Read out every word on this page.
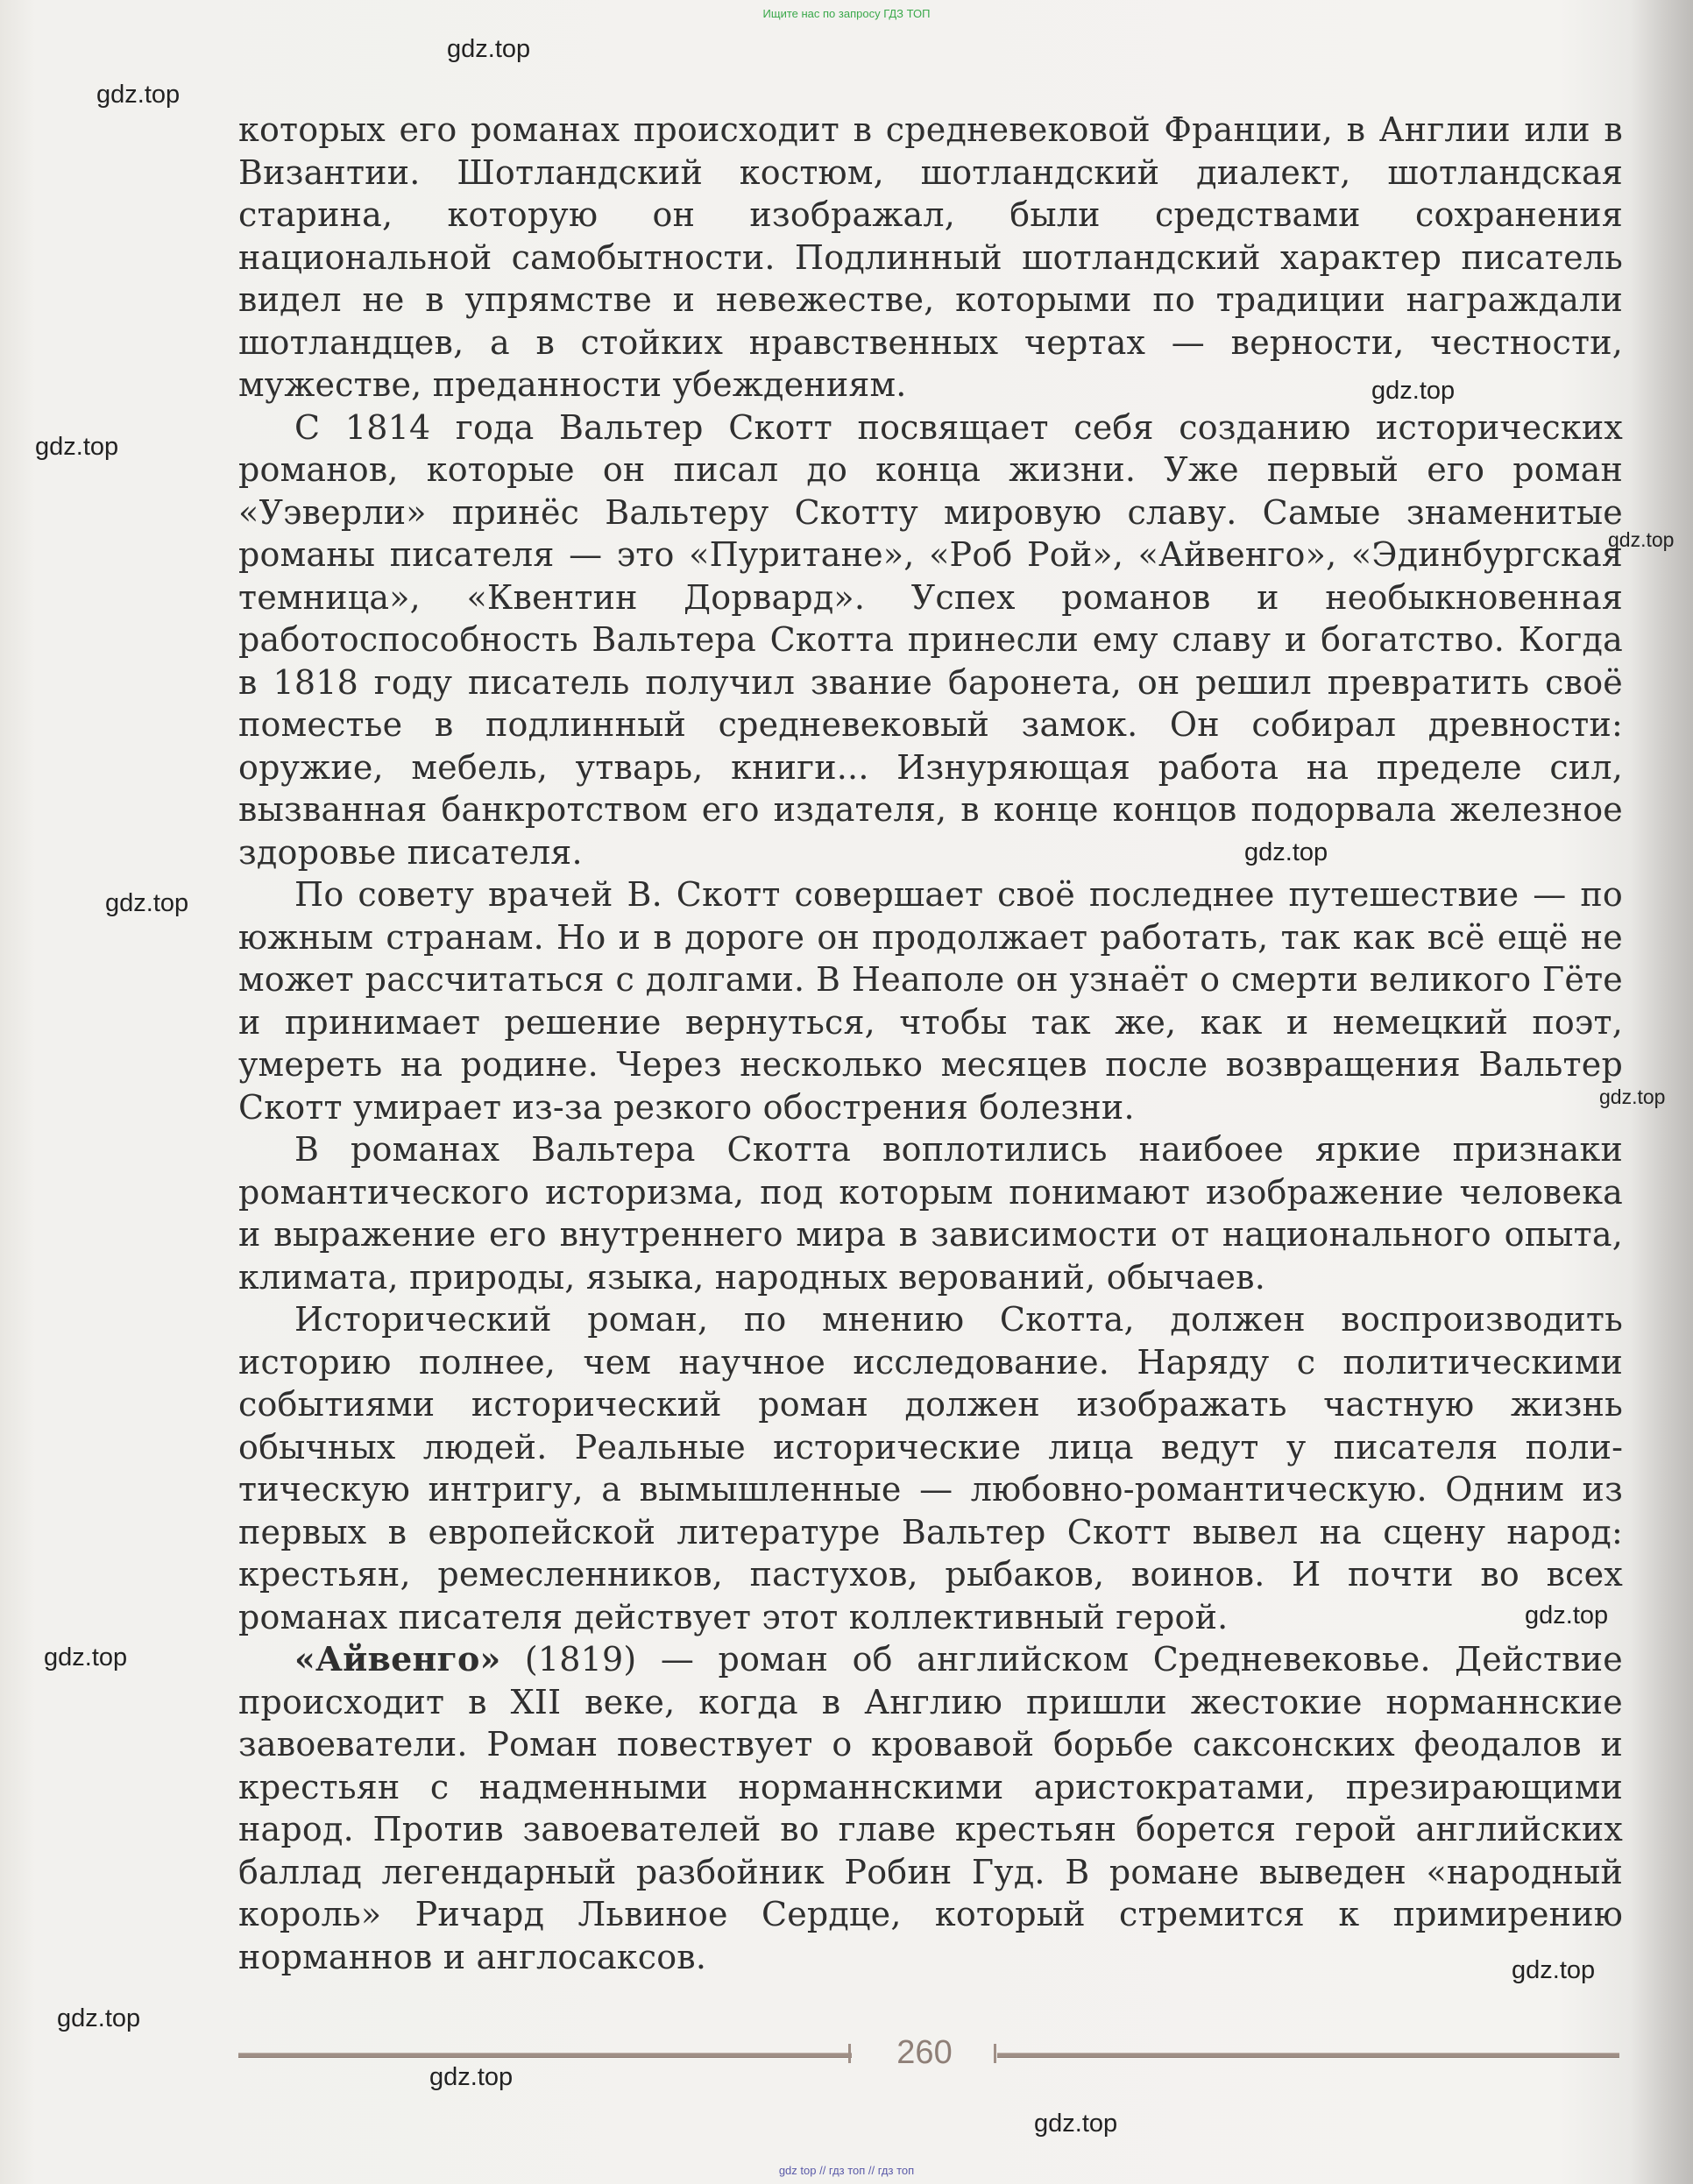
Ищите нас по запросу ГДЗ ТОП

которых его романах происходит в средневековой Франции, в Англии или в Византии. Шотландский костюм, шотландский диалект, шотландская старина, которую он изображал, были средствами сохранения национальной самобытности. Подлинный шотландский характер писатель видел не в упрямстве и невежестве, которыми по традиции награждали шотландцев, а в стойких нравственных чертах — верности, честности, мужестве, преданности убеждениям.

С 1814 года Вальтер Скотт посвящает себя созданию исторических романов, которые он писал до конца жизни. Уже первый его роман «Уэверли» принёс Вальтеру Скотту мировую славу. Самые знаменитые романы писателя — это «Пуритане», «Роб Рой», «Айвенго», «Эдинбургская темница», «Квентин Дорвард». Успех романов и необыкновенная работоспособность Вальтера Скотта принесли ему славу и богатство. Когда в 1818 году писатель получил звание баронета, он решил превратить своё поместье в подлинный средневековый замок. Он собирал древности: оружие, мебель, утварь, книги... Изнуряющая работа на пределе сил, вызванная банкротством его издателя, в конце концов подорвала железное здоровье писателя.

По совету врачей В. Скотт совершает своё последнее путешествие — по южным странам. Но и в дороге он продолжает работать, так как всё ещё не может рассчитаться с долгами. В Неаполе он узнаёт о смерти великого Гёте и принимает решение вернуться, чтобы так же, как и немецкий поэт, умереть на родине. Через несколько месяцев после возвращения Вальтер Скотт умирает из-за резкого обострения болезни.

В романах Вальтера Скотта воплотились наибоее яркие признаки романтического историзма, под которым понимают изображение человека и выражение его внутреннего мира в зависимости от национального опыта, климата, природы, языка, народных верований, обычаев.

Исторический роман, по мнению Скотта, должен воспроизводить историю полнее, чем научное исследование. Наряду с политическими событиями исторический роман должен изображать частную жизнь обычных людей. Реальные исторические лица ведут у писателя политическую интригу, а вымышленные — любовно-романтическую. Одним из первых в европейской литературе Вальтер Скотт вывел на сцену народ: крестьян, ремесленников, пастухов, рыбаков, воинов. И почти во всех романах писателя действует этот коллективный герой.

«Айвенго» (1819) — роман об английском Средневековье. Действие происходит в XII веке, когда в Англию пришли жестокие норманнские завоеватели. Роман повествует о кровавой борьбе саксонских феодалов и крестьян с надменными норманнскими аристократами, презирающими народ. Против завоевателей во главе крестьян борется герой английских баллад легендарный разбойник Робин Гуд. В романе выведен «народный король» Ричард Львиное Сердце, который стремится к примирению норманнов и англосаксов.

gdz.top
gdz.top
gdz.top
gdz.top
gdz.top
gdz.top
gdz.top
gdz.top
gdz.top
gdz.top
gdz.top
gdz.top
gdz.top
gdz.top
260
gdz top // гдз топ // гдз топ
